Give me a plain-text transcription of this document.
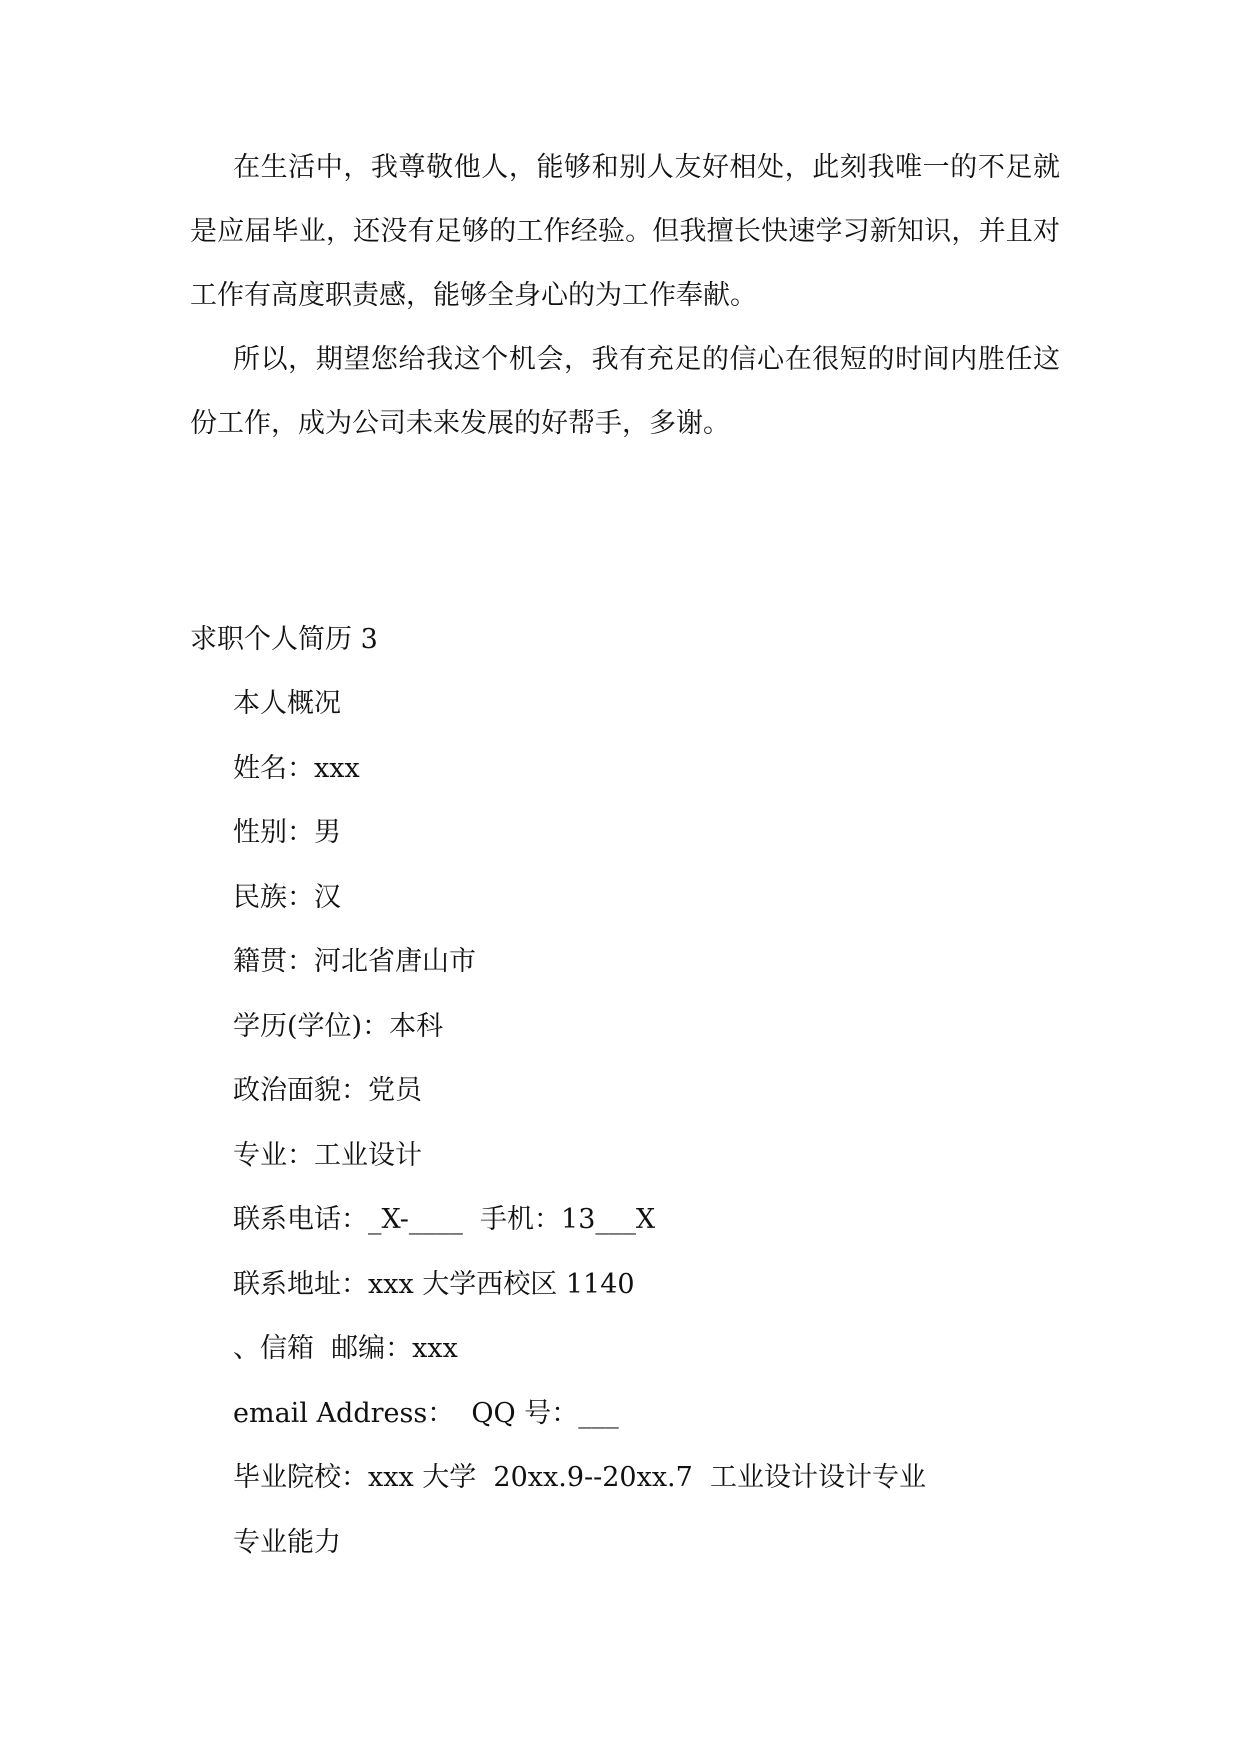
在生活中，我尊敬他人，能够和别人友好相处，此刻我唯一的不足就是应届毕业，还没有足够的工作经验。但我擅长快速学习新知识，并且对工作有高度职责感，能够全身心的为工作奉献。

所以，期望您给我这个机会，我有充足的信心在很短的时间内胜任这份工作，成为公司未来发展的好帮手，多谢。

求职个人简历 3
本人概况
姓名：xxx
性别：男
民族：汉
籍贯：河北省唐山市
学历(学位)：本科
政治面貌：党员
专业：工业设计
联系电话：_X-____  手机：13___X
联系地址：xxx 大学西校区 1140
、信箱  邮编：xxx
email Address：  QQ 号：___
毕业院校：xxx 大学  20xx.9--20xx.7  工业设计设计专业
专业能力
